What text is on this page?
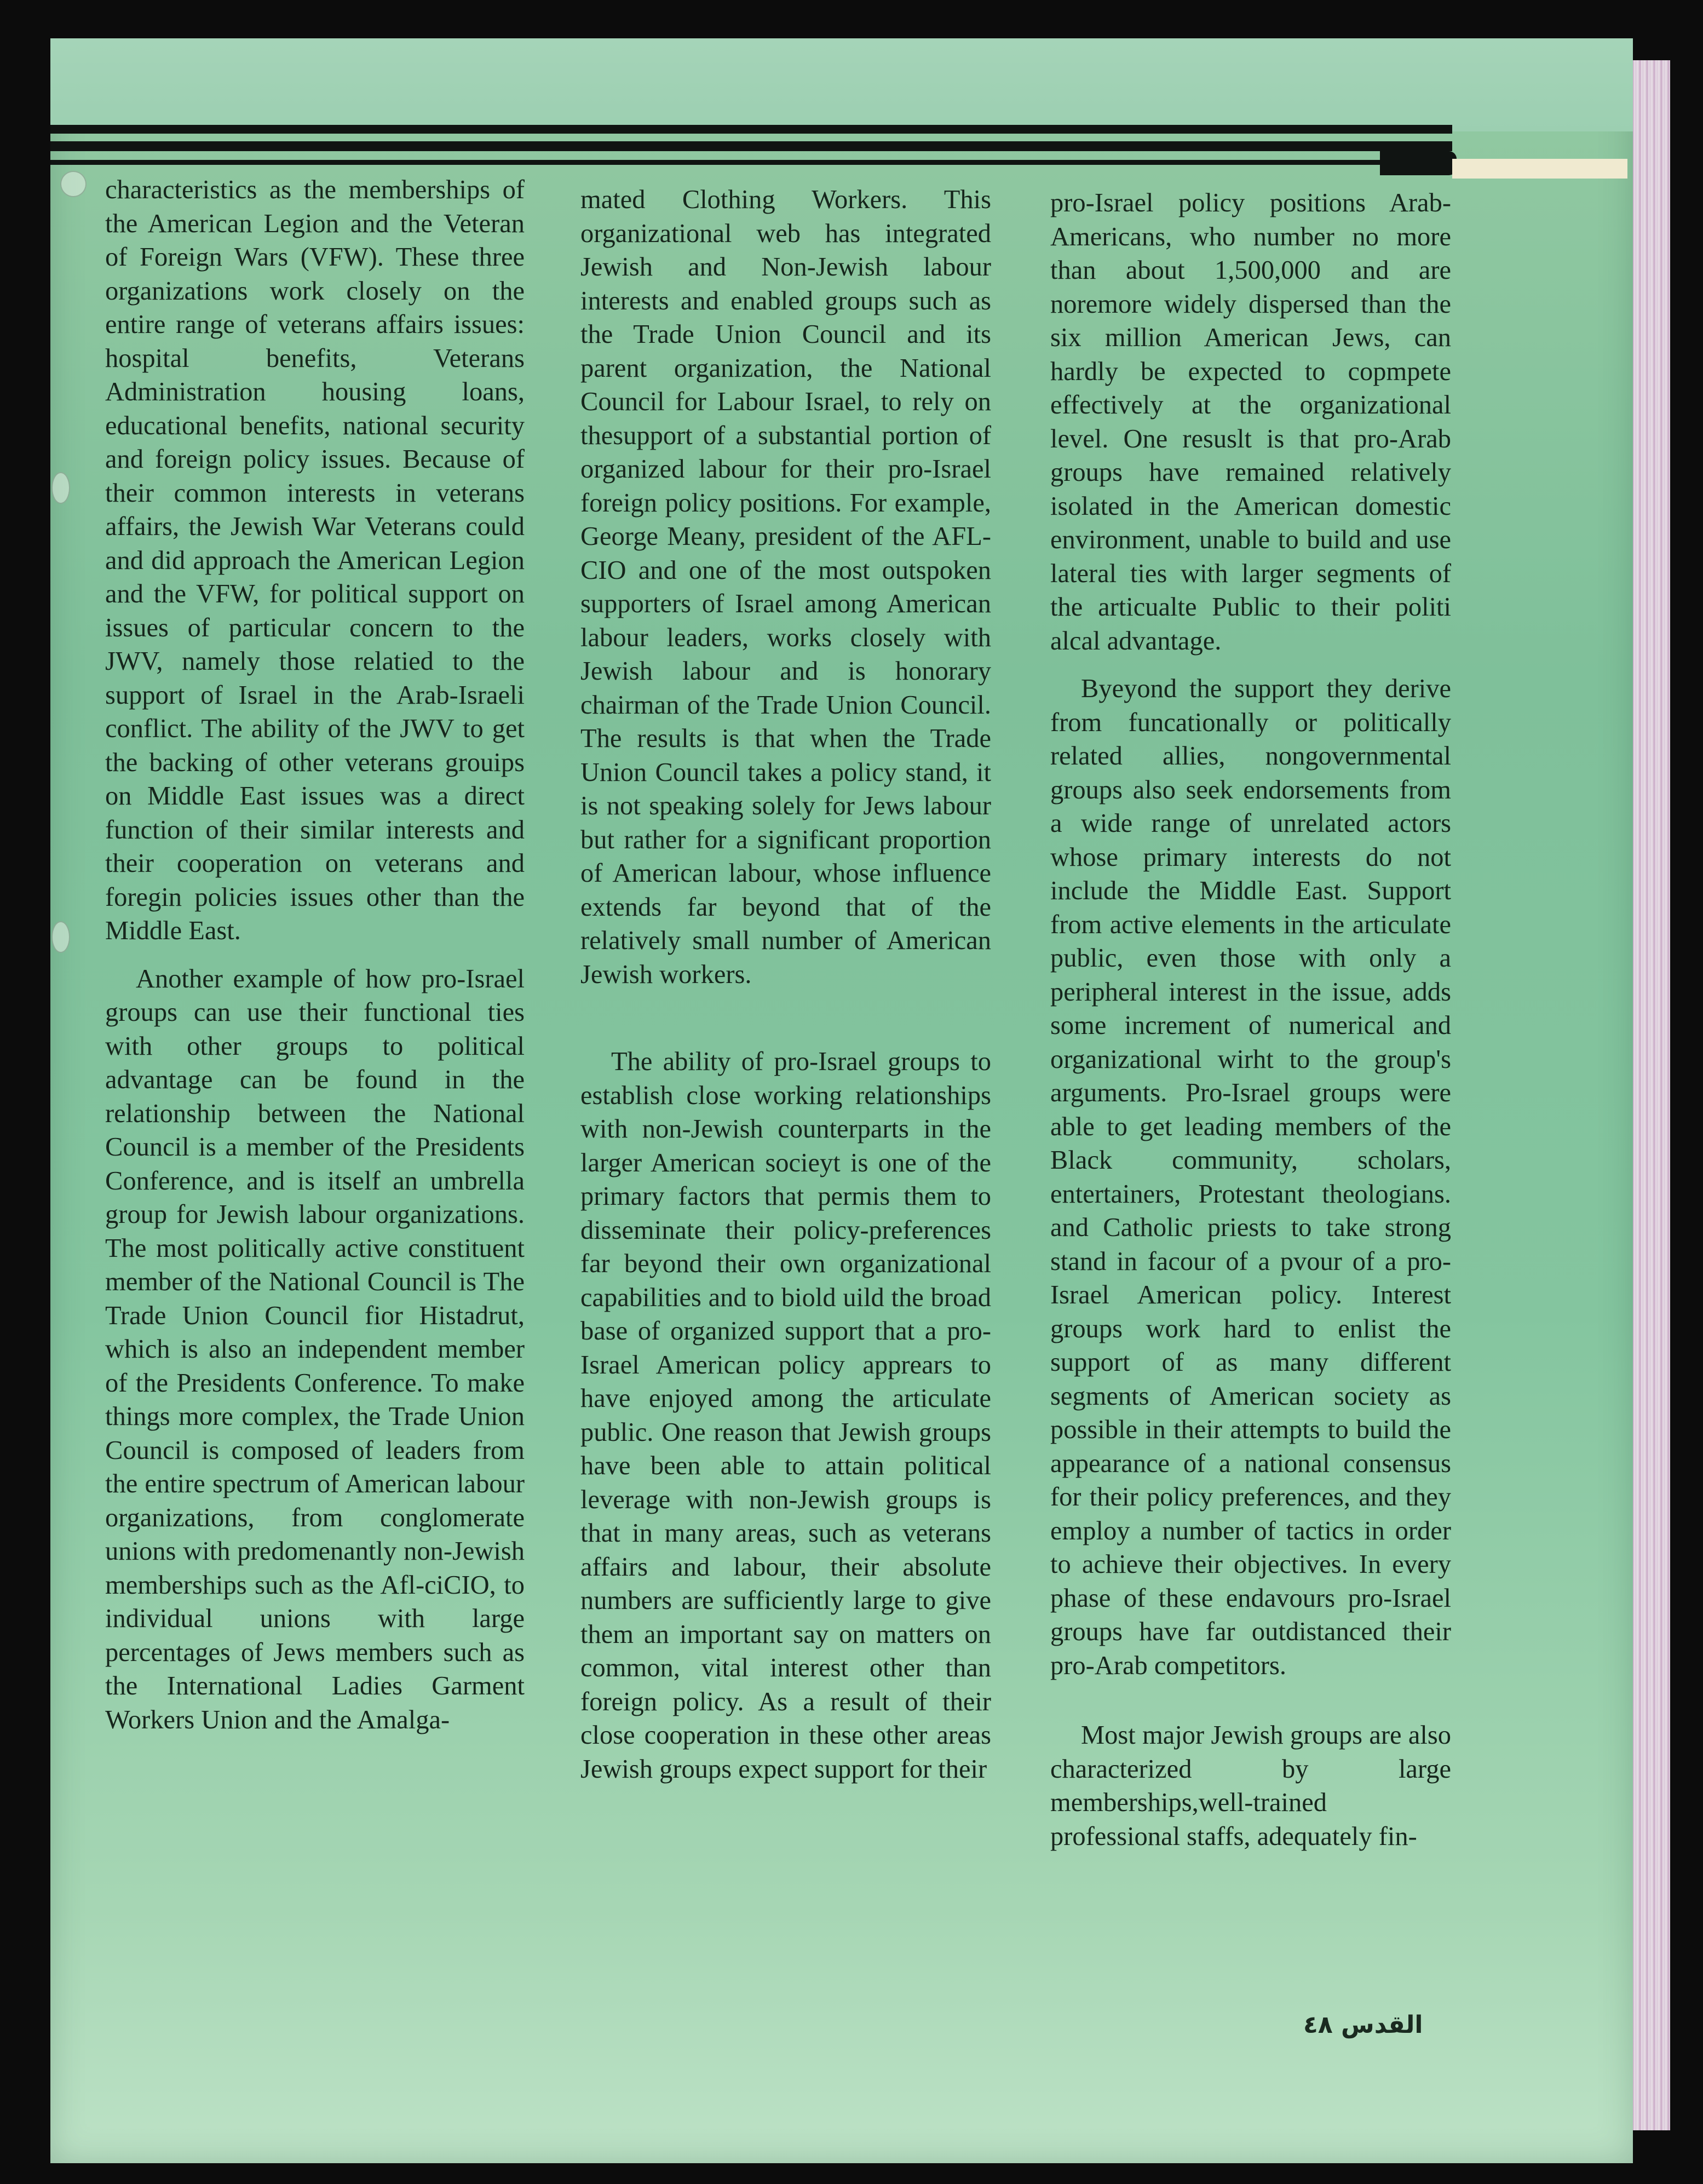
characteristics as the memberships of the American Legion and the Veteran of Foreign Wars (VFW). These three organizations work closely on the entire range of veterans affairs issues: hospital benefits, Veterans Administration housing loans, educational benefits, national security and foreign policy issues. Because of their common interests in veterans affairs, the Jewish War Veterans could and did approach the American Legion and the VFW, for political support on issues of particular concern to the JWV, namely those relatied to the support of Israel in the Arab-Israeli conflict. The ability of the JWV to get the backing of other veterans grouips on Middle East issues was a direct function of their similar interests and their cooperation on veterans and foregin policies issues other than the Middle East.

Another example of how pro-Israel groups can use their functional ties with other groups to political advantage can be found in the relationship between the National Council is a member of the Presidents Conference, and is itself an umbrella group for Jewish labour organizations. The most politically active constituent member of the National Council is The Trade Union Council fior Histadrut, which is also an independent member of the Presidents Conference. To make things more complex, the Trade Union Council is composed of leaders from the entire spectrum of American labour organizations, from conglomerate unions with predomenantly non-Jewish memberships such as the Afl-ciCIO, to individual unions with large percentages of Jews members such as the International Ladies Garment Workers Union and the Amalga-

mated Clothing Workers. This organizational web has integrated Jewish and Non-Jewish labour interests and enabled groups such as the Trade Union Council and its parent organization, the National Council for Labour Israel, to rely on thesupport of a substantial portion of organized labour for their pro-Israel foreign policy positions. For example, George Meany, president of the AFL-CIO and one of the most outspoken supporters of Israel among American labour leaders, works closely with Jewish labour and is honorary chairman of the Trade Union Council. The results is that when the Trade Union Council takes a policy stand, it is not speaking solely for Jews labour but rather for a significant proportion of American labour, whose influence extends far beyond that of the relatively small number of American Jewish workers.

The ability of pro-Israel groups to establish close working relationships with non-Jewish counterparts in the larger American socieyt is one of the primary factors that permis them to disseminate their policy-preferences far beyond their own organizational capabilities and to biold uild the broad base of organized support that a pro-Israel American policy apprears to have enjoyed among the articulate public. One reason that Jewish groups have been able to attain political leverage with non-Jewish groups is that in many areas, such as veterans affairs and labour, their absolute numbers are sufficiently large to give them an important say on matters on common, vital interest other than foreign policy. As a result of their close cooperation in these other areas Jewish groups expect support for their

pro-Israel policy positions Arab-Americans, who number no more than about 1,500,000 and are noremore widely dispersed than the six million American Jews, can hardly be expected to copmpete effectively at the organizational level. One resuslt is that pro-Arab groups have remained relatively isolated in the American domestic environment, unable to build and use lateral ties with larger segments of the articualte Public to their politi alcal advantage.

Byeyond the support they derive from funcationally or politically related allies, nongovernmental groups also seek endorsements from a wide range of unrelated actors whose primary interests do not include the Middle East. Support from active elements in the articulate public, even those with only a peripheral interest in the issue, adds some increment of numerical and organizational wirht to the group's arguments. Pro-Israel groups were able to get leading members of the Black community, scholars, entertainers, Protestant theologians. and Catholic priests to take strong stand in facour of a pvour of a pro-Israel American policy. Interest groups work hard to enlist the support of as many different segments of American society as possible in their attempts to build the appearance of a national consensus for their policy preferences, and they employ a number of tactics in order to achieve their objectives. In every phase of these endavours pro-Israel groups have far outdistanced their pro-Arab competitors.

Most major Jewish groups are also characterized by large memberships,well-trained professional staffs, adequately fin-

القدس ٤٨
